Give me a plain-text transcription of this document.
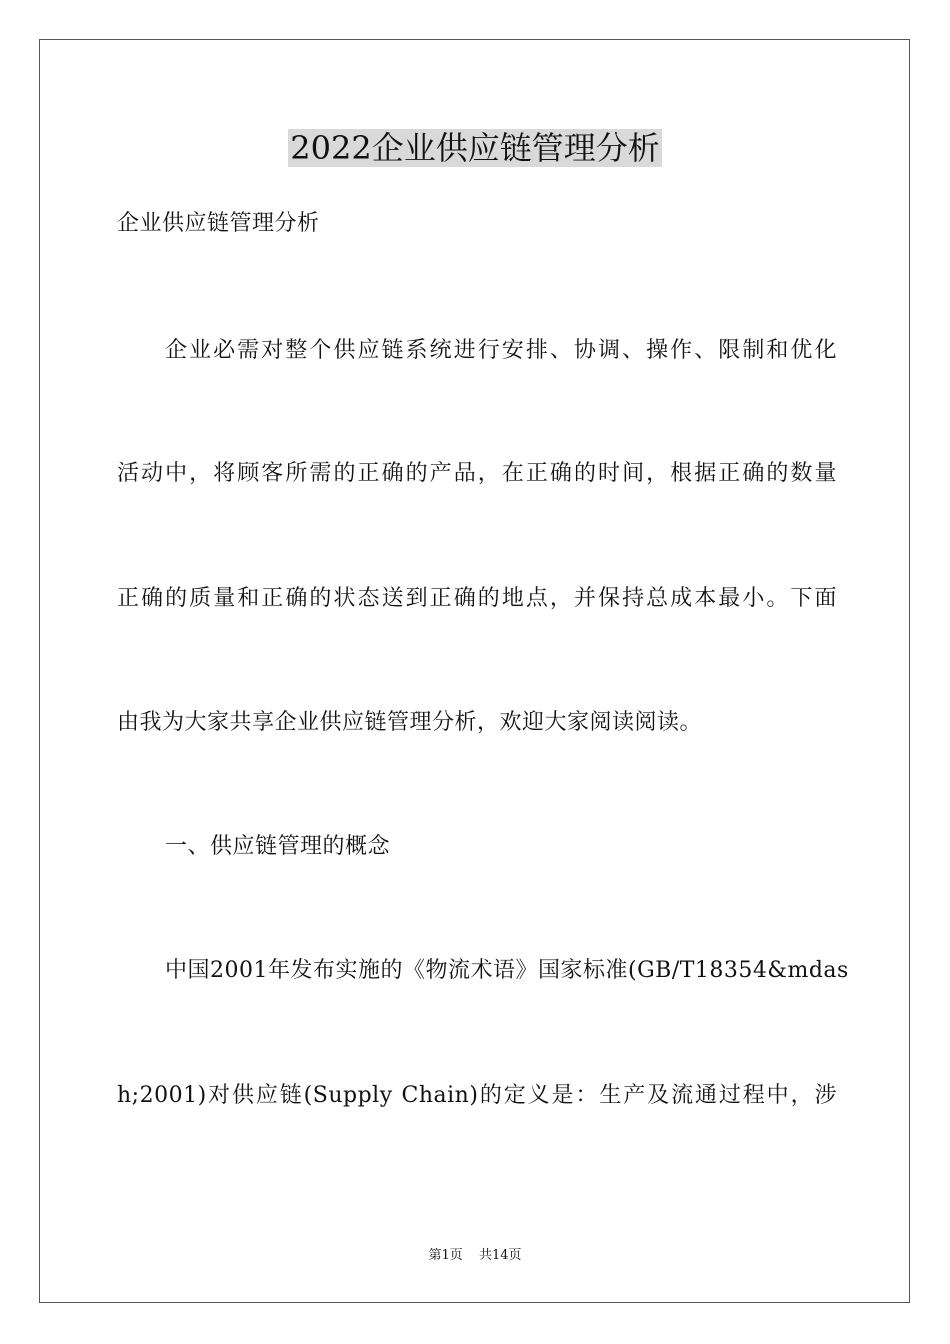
2022企业供应链管理分析
企业供应链管理分析
企业必需对整个供应链系统进行安排、协调、操作、限制和优化
活动中，将顾客所需的正确的产品，在正确的时间，根据正确的数量
正确的质量和正确的状态送到正确的地点，并保持总成本最小。下面
由我为大家共享企业供应链管理分析，欢迎大家阅读阅读。
一、供应链管理的概念
中国2001年发布实施的《物流术语》国家标准(GB/T18354&mdas
h;2001)对供应链(Supply Chain)的定义是：生产及流通过程中，涉
第1页 共14页
